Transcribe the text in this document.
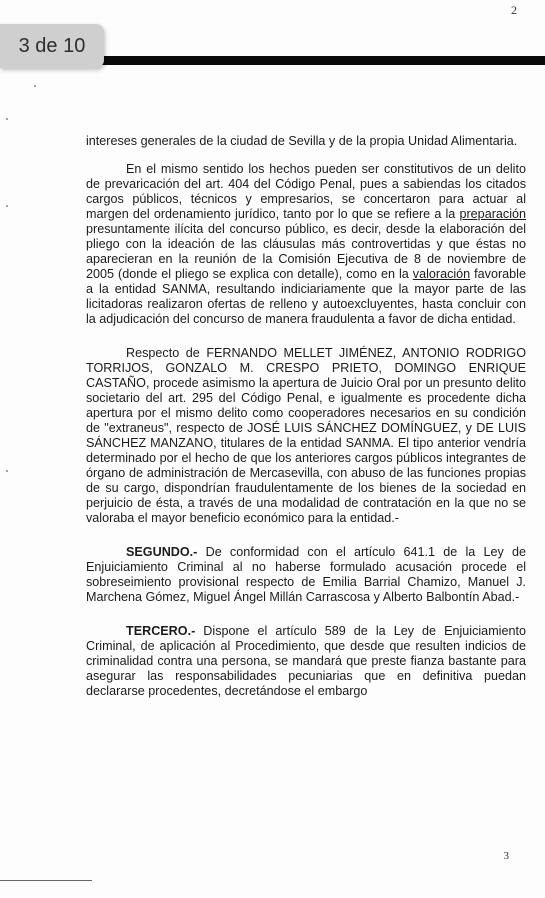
2
3 de 10

intereses generales de la ciudad de Sevilla y de la propia Unidad Alimentaria.

En el mismo sentido los hechos pueden ser constitutivos de un delito de prevaricación del art. 404 del Código Penal, pues a sabiendas los citados cargos públicos, técnicos y empresarios, se concertaron para actuar al margen del ordenamiento jurídico, tanto por lo que se refiere a la preparación presuntamente ilícita del concurso público, es decir, desde la elaboración del pliego con la ideación de las cláusulas más controvertidas y que éstas no aparecieran en la reunión de la Comisión Ejecutiva de 8 de noviembre de 2005 (donde el pliego se explica con detalle), como en la valoración favorable a la entidad SANMA, resultando indiciariamente que la mayor parte de las licitadoras realizaron ofertas de relleno y autoexcluyentes, hasta concluir con la adjudicación del concurso de manera fraudulenta a favor de dicha entidad.

Respecto de FERNANDO MELLET JIMÉNEZ, ANTONIO RODRIGO TORRIJOS, GONZALO M. CRESPO PRIETO, DOMINGO ENRIQUE CASTAÑO, procede asimismo la apertura de Juicio Oral por un presunto delito societario del art. 295 del Código Penal, e igualmente es procedente dicha apertura por el mismo delito como cooperadores necesarios en su condición de "extraneus", respecto de JOSÉ LUIS SÁNCHEZ DOMÍNGUEZ, y DE LUIS SÁNCHEZ MANZANO, titulares de la entidad SANMA. El tipo anterior vendría determinado por el hecho de que los anteriores cargos públicos integrantes de órgano de administración de Mercasevilla, con abuso de las funciones propias de su cargo, dispondrían fraudulentamente de los bienes de la sociedad en perjuicio de ésta, a través de una modalidad de contratación en la que no se valoraba el mayor beneficio económico para la entidad.-

SEGUNDO.- De conformidad con el artículo 641.1 de la Ley de Enjuiciamiento Criminal al no haberse formulado acusación procede el sobreseimiento provisional respecto de Emilia Barrial Chamizo, Manuel J. Marchena Gómez, Miguel Ángel Millán Carrascosa y Alberto Balbontín Abad.-

TERCERO.- Dispone el artículo 589 de la Ley de Enjuiciamiento Criminal, de aplicación al Procedimiento, que desde que resulten indicios de criminalidad contra una persona, se mandará que preste fianza bastante para asegurar las responsabilidades pecuniarias que en definitiva puedan declararse procedentes, decretándose el embargo

3
